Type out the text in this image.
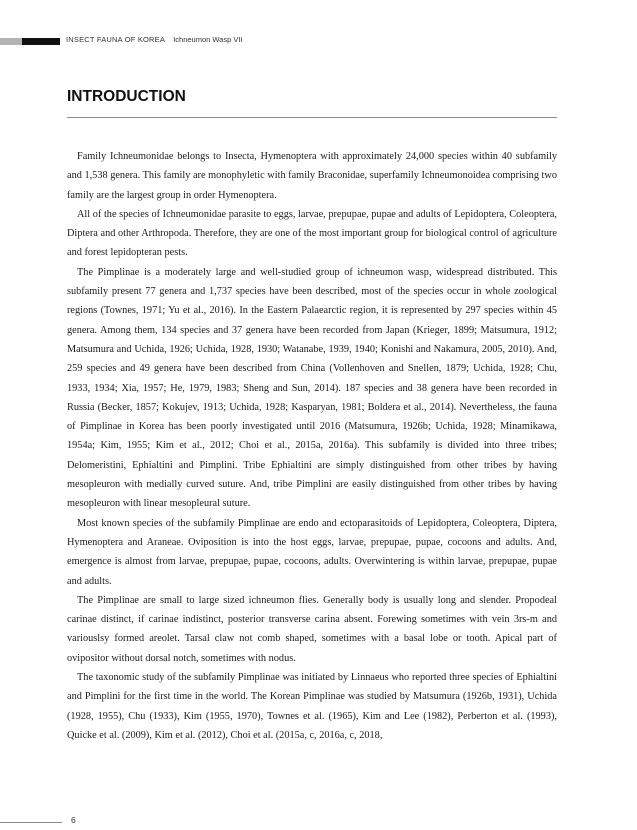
INSECT FAUNA OF KOREA Ichneumon Wasp VII
INTRODUCTION

Family Ichneumonidae belongs to Insecta, Hymenoptera with approximately 24,000 species within 40 subfamily and 1,538 genera. This family are monophyletic with family Braconidae, superfamily Ichneumonoidea comprising two family are the largest group in order Hymenoptera.

All of the species of Ichneumonidae parasite to eggs, larvae, prepupae, pupae and adults of Lepidoptera, Coleoptera, Diptera and other Arthropoda. Therefore, they are one of the most important group for biological control of agriculture and forest lepidopteran pests.

The Pimplinae is a moderately large and well-studied group of ichneumon wasp, widespread distributed. This subfamily present 77 genera and 1,737 species have been described, most of the species occur in whole zoological regions (Townes, 1971; Yu et al., 2016). In the Eastern Palaearctic region, it is represented by 297 species within 45 genera. Among them, 134 species and 37 genera have been recorded from Japan (Krieger, 1899; Matsumura, 1912; Matsumura and Uchida, 1926; Uchida, 1928, 1930; Watanabe, 1939, 1940; Konishi and Nakamura, 2005, 2010). And, 259 species and 49 genera have been described from China (Vollenhoven and Snellen, 1879; Uchida, 1928; Chu, 1933, 1934; Xia, 1957; He, 1979, 1983; Sheng and Sun, 2014). 187 species and 38 genera have been recorded in Russia (Becker, 1857; Kokujev, 1913; Uchida, 1928; Kasparyan, 1981; Boldera et al., 2014). Nevertheless, the fauna of Pimplinae in Korea has been poorly investigated until 2016 (Matsumura, 1926b; Uchida, 1928; Minamikawa, 1954a; Kim, 1955; Kim et al., 2012; Choi et al., 2015a, 2016a). This subfamily is divided into three tribes; Delomeristini, Ephialtini and Pimplini. Tribe Ephialtini are simply distinguished from other tribes by having mesopleuron with medially curved suture. And, tribe Pimplini are easily distinguished from other tribes by having mesopleuron with linear mesopleural suture.

Most known species of the subfamily Pimplinae are endo and ectoparasitoids of Lepidoptera, Coleoptera, Diptera, Hymenoptera and Araneae. Oviposition is into the host eggs, larvae, prepupae, pupae, cocoons and adults. And, emergence is almost from larvae, prepupae, pupae, cocoons, adults. Overwintering is within larvae, prepupae, pupae and adults.

The Pimplinae are small to large sized ichneumon flies. Generally body is usually long and slender. Propodeal carinae distinct, if carinae indistinct, posterior transverse carina absent. Forewing sometimes with vein 3rs-m and variouslsy formed areolet. Tarsal claw not comb shaped, sometimes with a basal lobe or tooth. Apical part of ovipositor without dorsal notch, sometimes with nodus.

The taxonomic study of the subfamily Pimplinae was initiated by Linnaeus who reported three species of Ephialtini and Pimplini for the first time in the world. The Korean Pimplinae was studied by Matsumura (1926b, 1931), Uchida (1928, 1955), Chu (1933), Kim (1955, 1970), Townes et al. (1965), Kim and Lee (1982), Perberton et al. (1993), Quicke et al. (2009), Kim et al. (2012), Choi et al. (2015a, c, 2016a, c, 2018,

6
